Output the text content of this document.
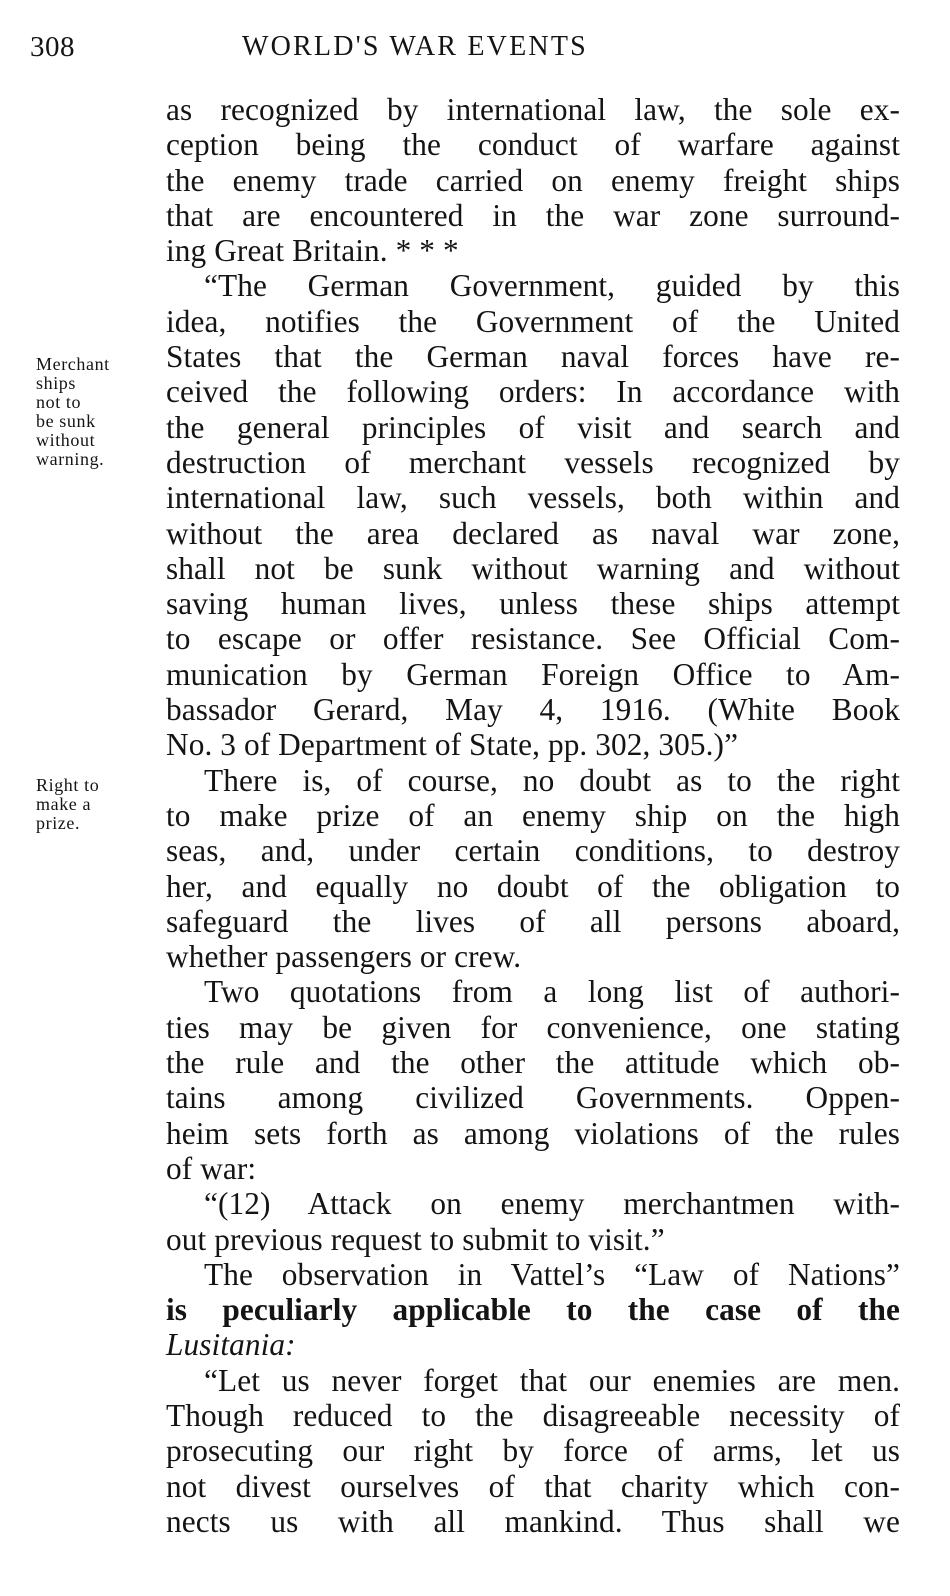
308	WORLD'S WAR EVENTS
Merchant
ships
not to
be sunk
without
warning.
Right to
make a
prize.
as recognized by international law, the sole ex-
ception being the conduct of warfare against
the enemy trade carried on enemy freight ships
that are encountered in the war zone surround-
ing Great Britain. * * *
“The German Government, guided by this
idea, notifies the Government of the United
States that the German naval forces have re-
ceived the following orders: In accordance with
the general principles of visit and search and
destruction of merchant vessels recognized by
international law, such vessels, both within and
without the area declared as naval war zone,
shall not be sunk without warning and without
saving human lives, unless these ships attempt
to escape or offer resistance. See Official Com-
munication by German Foreign Office to Am-
bassador Gerard, May 4, 1916. (White Book
No. 3 of Department of State, pp. 302, 305.)”
There is, of course, no doubt as to the right
to make prize of an enemy ship on the high
seas, and, under certain conditions, to destroy
her, and equally no doubt of the obligation to
safeguard the lives of all persons aboard,
whether passengers or crew.
Two quotations from a long list of authori-
ties may be given for convenience, one stating
the rule and the other the attitude which ob-
tains among civilized Governments. Oppen-
heim sets forth as among violations of the rules
of war:
“(12) Attack on enemy merchantmen with-
out previous request to submit to visit.”
The observation in Vattel’s “Law of Nations”
is peculiarly applicable to the case of the
Lusitania:
“Let us never forget that our enemies are men.
Though reduced to the disagreeable necessity of
prosecuting our right by force of arms, let us
not divest ourselves of that charity which con-
nects us with all mankind. Thus shall we
